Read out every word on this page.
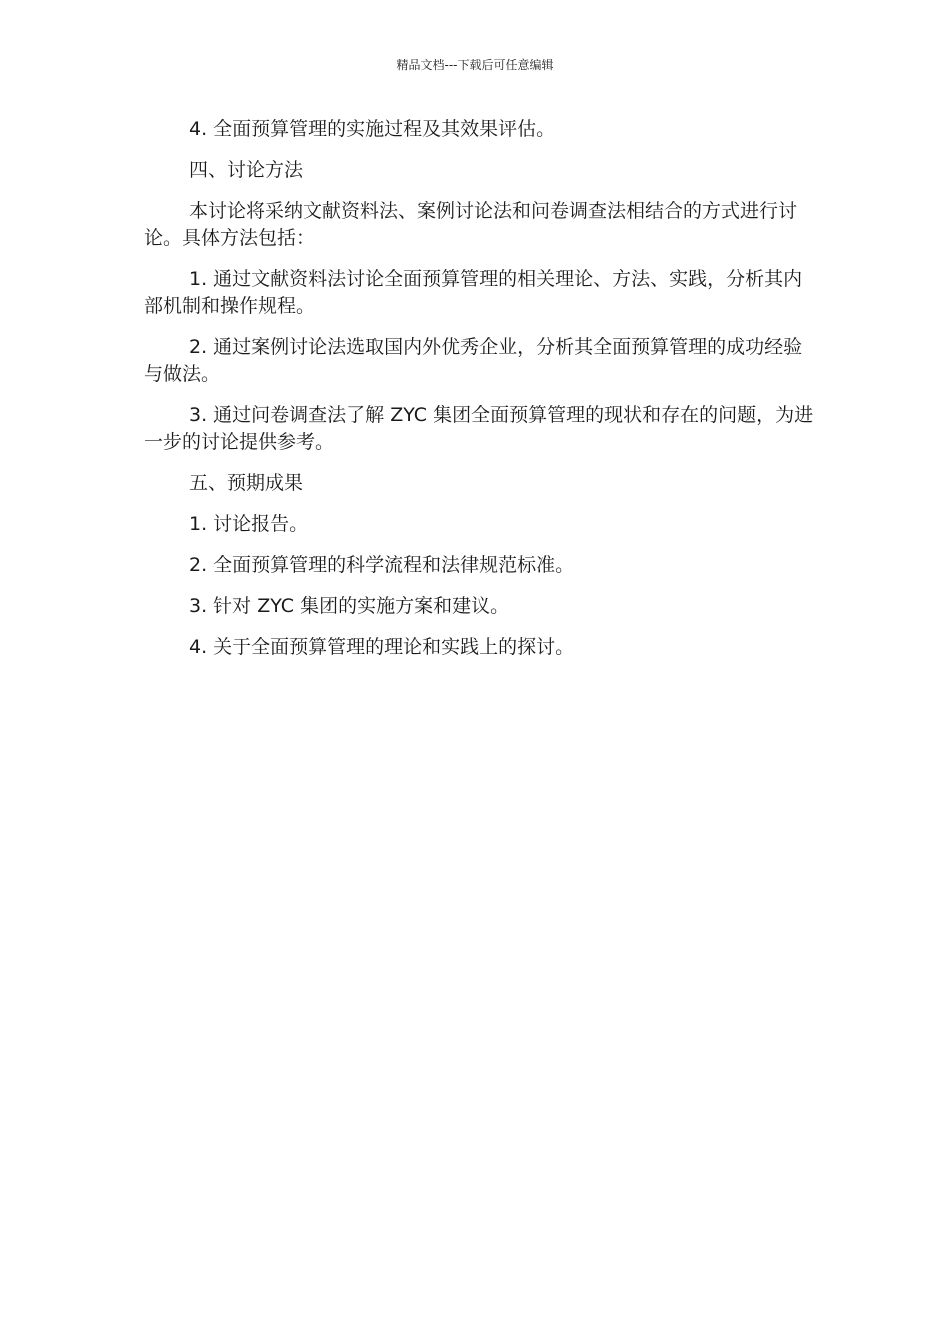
精品文档---下载后可任意编辑

4. 全面预算管理的实施过程及其效果评估。

四、讨论方法

本讨论将采纳文献资料法、案例讨论法和问卷调查法相结合的方式进行讨论。具体方法包括：

1. 通过文献资料法讨论全面预算管理的相关理论、方法、实践，分析其内部机制和操作规程。

2. 通过案例讨论法选取国内外优秀企业，分析其全面预算管理的成功经验与做法。

3. 通过问卷调查法了解 ZYC 集团全面预算管理的现状和存在的问题，为进一步的讨论提供参考。

五、预期成果

1. 讨论报告。

2. 全面预算管理的科学流程和法律规范标准。

3. 针对 ZYC 集团的实施方案和建议。

4. 关于全面预算管理的理论和实践上的探讨。
